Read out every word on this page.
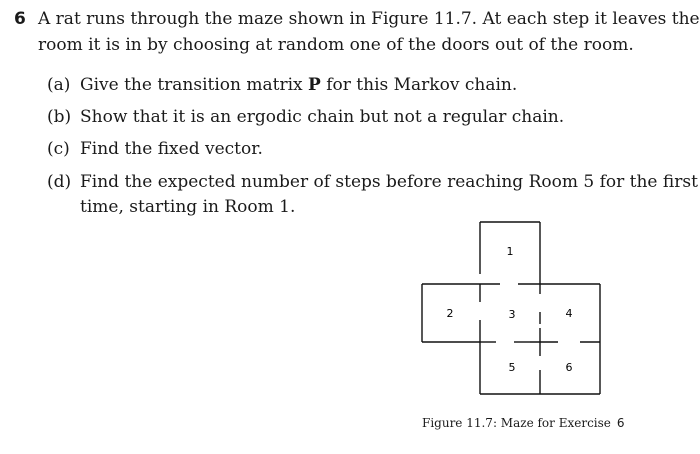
6 A rat runs through the maze shown in Figure 11.7. At each step it leaves the
room it is in by choosing at random one of the doors out of the room.
(a) Give the transition matrix P for this Markov chain.
(b) Show that it is an ergodic chain but not a regular chain.
(c) Find the fixed vector.
(d) Find the expected number of steps before reaching Room 5 for the first
time, starting in Room 1.
1
2	3	4
5	6
Figure 11.7: Maze for Exercise 6
